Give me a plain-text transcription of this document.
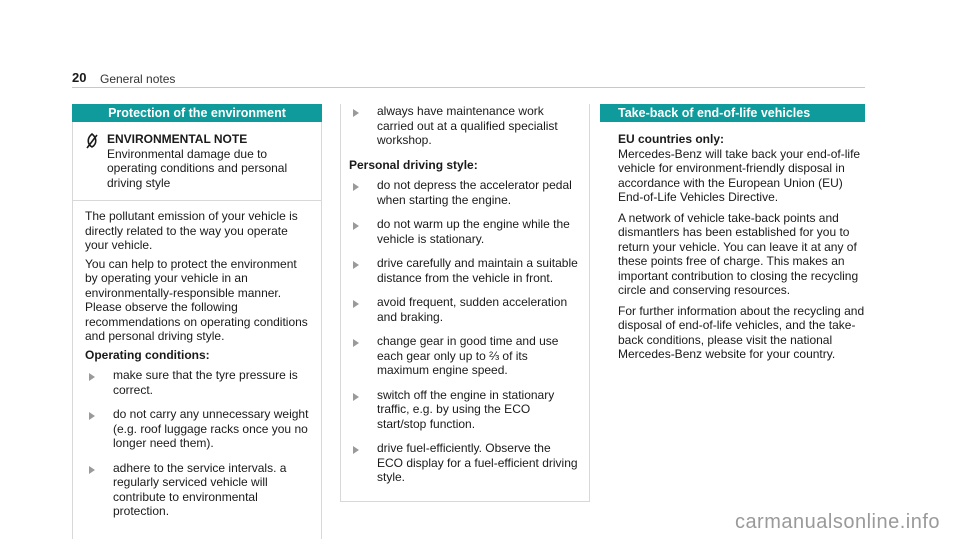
20 General notes
Protection of the environment
ENVIRONMENTAL NOTE Environmental damage due to operating conditions and personal driving style

The pollutant emission of your vehicle is directly related to the way you operate your vehicle.

You can help to protect the environment by operating your vehicle in an environmentally-responsible manner. Please observe the following recommendations on operating conditions and personal driving style.

Operating conditions:
make sure that the tyre pressure is correct.
do not carry any unnecessary weight (e.g. roof luggage racks once you no longer need them).
adhere to the service intervals. a regularly serviced vehicle will contribute to environmental protection.
always have maintenance work carried out at a qualified specialist workshop.
Personal driving style:
do not depress the accelerator pedal when starting the engine.
do not warm up the engine while the vehicle is stationary.
drive carefully and maintain a suitable distance from the vehicle in front.
avoid frequent, sudden acceleration and braking.
change gear in good time and use each gear only up to ⅔ of its maximum engine speed.
switch off the engine in stationary traffic, e.g. by using the ECO start/stop function.
drive fuel-efficiently. Observe the ECO display for a fuel-efficient driving style.
Take-back of end-of-life vehicles

EU countries only:

Mercedes-Benz will take back your end-of-life vehicle for environment-friendly disposal in accordance with the European Union (EU) End-of-Life Vehicles Directive.

A network of vehicle take-back points and dismantlers has been established for you to return your vehicle. You can leave it at any of these points free of charge. This makes an important contribution to closing the recycling circle and conserving resources.

For further information about the recycling and disposal of end-of-life vehicles, and the take-back conditions, please visit the national Mercedes-Benz website for your country.

carmanualsonline.info
